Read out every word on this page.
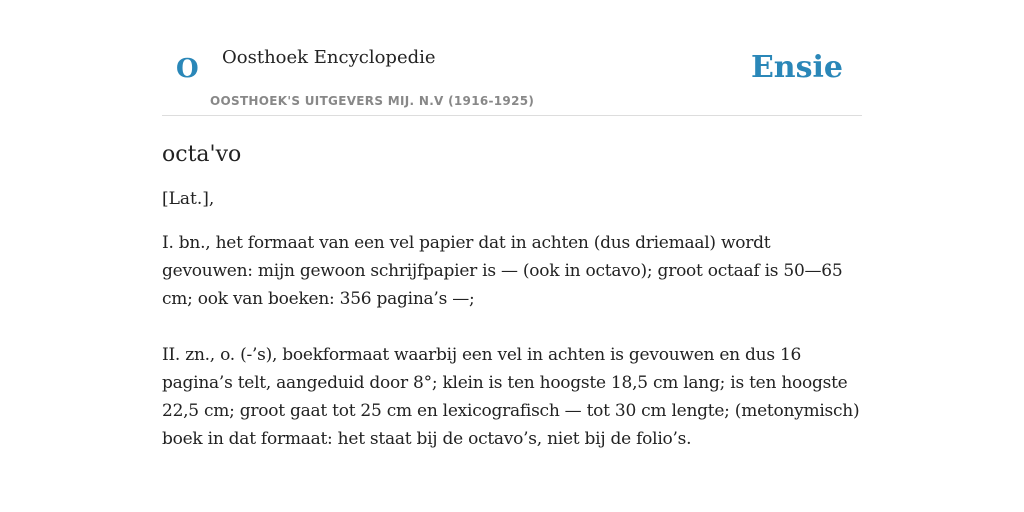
O Oosthoek Encyclopedie
OOSTHOEK'S UITGEVERS MIJ. N.V (1916-1925)
Ensie
octa'vo
[Lat.],

I. bn., het formaat van een vel papier dat in achten (dus driemaal) wordt gevouwen: mijn gewoon schrijfpapier is — (ook in octavo); groot octaaf is 50—65 cm; ook van boeken: 356 pagina’s —;

II. zn., o. (-’s), boekformaat waarbij een vel in achten is gevouwen en dus 16 pagina’s telt, aangeduid door 8°; klein is ten hoogste 18,5 cm lang; is ten hoogste 22,5 cm; groot gaat tot 25 cm en lexicografisch — tot 30 cm lengte; (metonymisch) boek in dat formaat: het staat bij de octavo’s, niet bij de folio’s.
